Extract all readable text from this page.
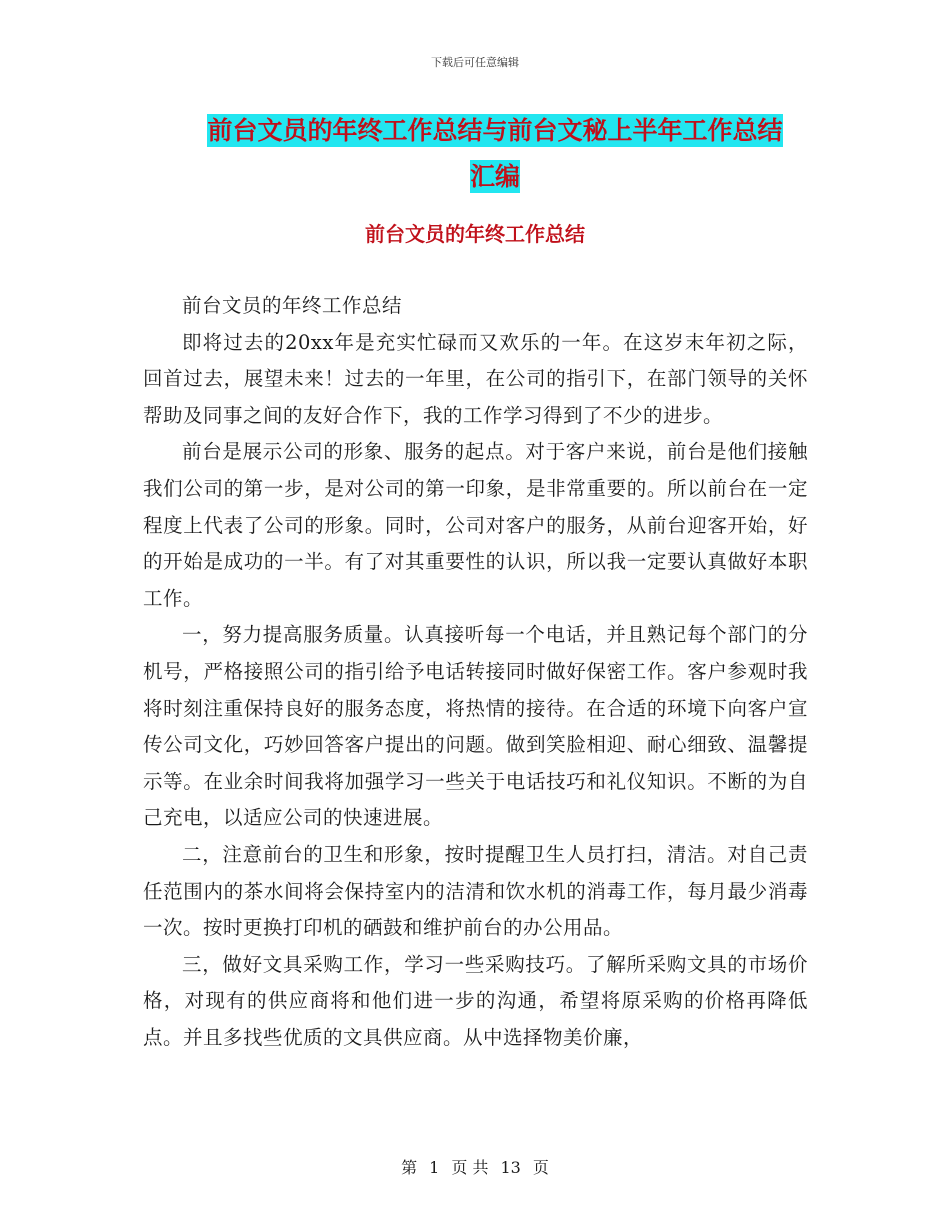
下载后可任意编辑
前台文员的年终工作总结与前台文秘上半年工作总结
汇编
前台文员的年终工作总结

前台文员的年终工作总结

即将过去的20xx年是充实忙碌而又欢乐的一年。在这岁末年初之际，回首过去，展望未来！过去的一年里，在公司的指引下，在部门领导的关怀帮助及同事之间的友好合作下，我的工作学习得到了不少的进步。

前台是展示公司的形象、服务的起点。对于客户来说，前台是他们接触我们公司的第一步，是对公司的第一印象，是非常重要的。所以前台在一定程度上代表了公司的形象。同时，公司对客户的服务，从前台迎客开始，好的开始是成功的一半。有了对其重要性的认识，所以我一定要认真做好本职工作。

一，努力提高服务质量。认真接听每一个电话，并且熟记每个部门的分机号，严格接照公司的指引给予电话转接同时做好保密工作。客户参观时我将时刻注重保持良好的服务态度，将热情的接待。在合适的环境下向客户宣传公司文化，巧妙回答客户提出的问题。做到笑脸相迎、耐心细致、温馨提示等。在业余时间我将加强学习一些关于电话技巧和礼仪知识。不断的为自己充电，以适应公司的快速进展。

二，注意前台的卫生和形象，按时提醒卫生人员打扫，清洁。对自己责任范围内的茶水间将会保持室内的洁清和饮水机的消毒工作，每月最少消毒一次。按时更换打印机的硒鼓和维护前台的办公用品。

三，做好文具采购工作，学习一些采购技巧。了解所采购文具的市场价格，对现有的供应商将和他们进一步的沟通，希望将原采购的价格再降低点。并且多找些优质的文具供应商。从中选择物美价廉，

第 1 页 共 13 页
